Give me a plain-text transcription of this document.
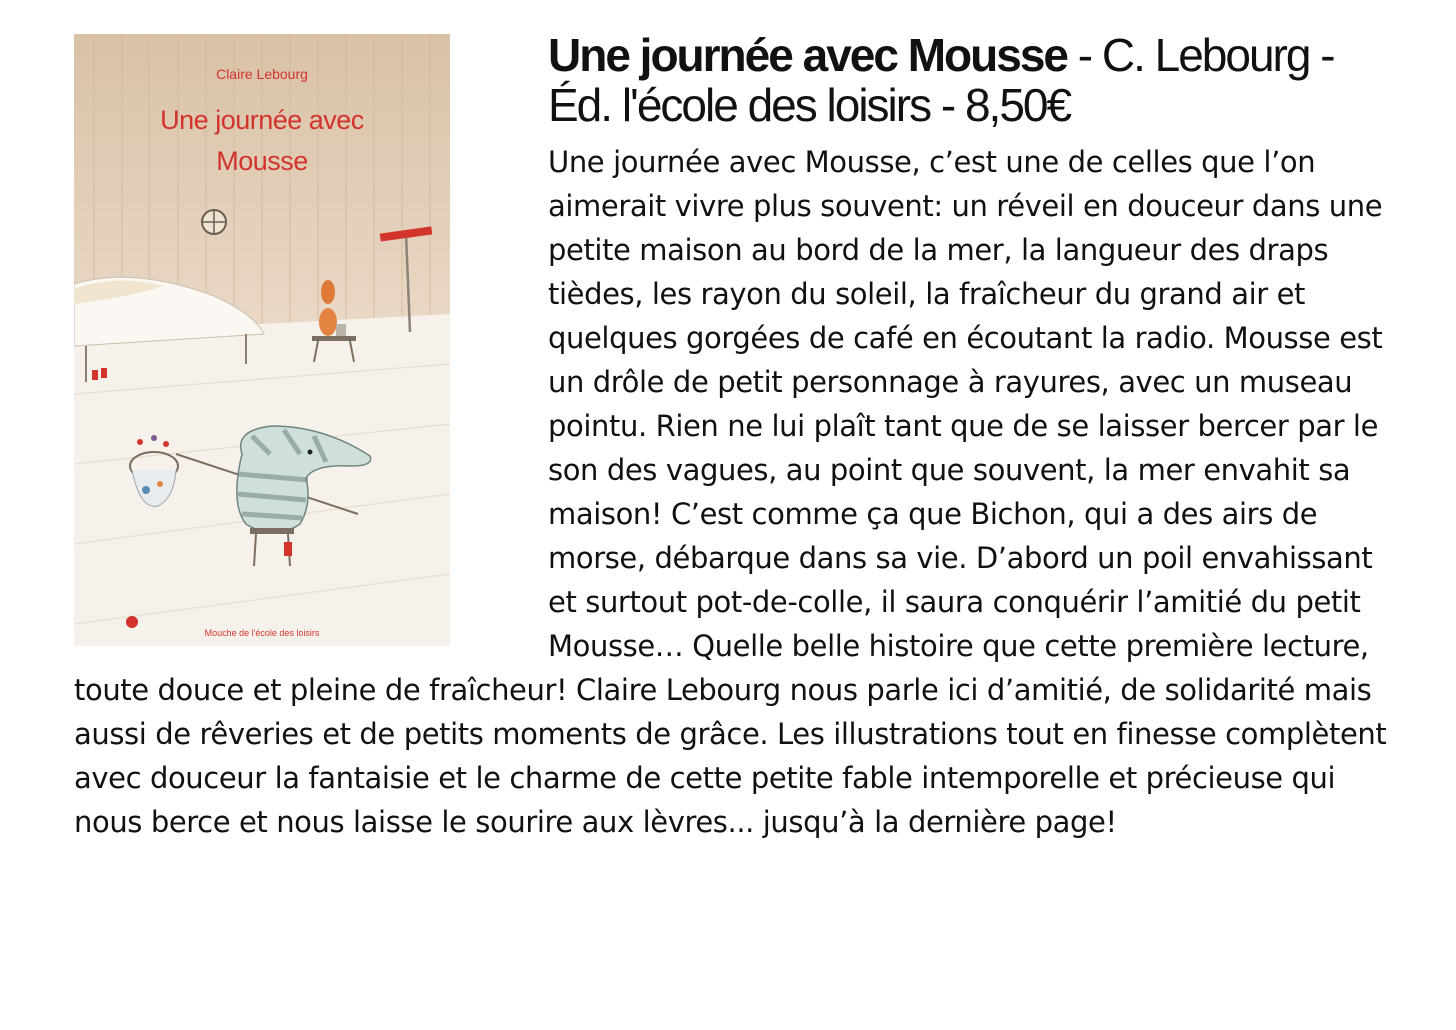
Claire Lebourg
Une journée avec Mousse
Mouche de l'école des loisirs
Une journée avec Mousse - C. Lebourg - Éd. l'école des loisirs - 8,50€

Une journée avec Mousse, c’est une de celles que l’on aimerait vivre plus souvent: un réveil en douceur dans une petite maison au bord de la mer, la langueur des draps tièdes, les rayon du soleil, la fraîcheur du grand air et quelques gorgées de café en écoutant la radio. Mousse est un drôle de petit personnage à rayures, avec un museau pointu. Rien ne lui plaît tant que de se laisser bercer par le son des vagues, au point que souvent, la mer envahit sa maison! C’est comme ça que Bichon, qui a des airs de morse, débarque dans sa vie. D’abord un poil envahissant et surtout pot-de-colle, il saura conquérir l’amitié du petit Mousse… Quelle belle histoire que cette première lecture, toute douce et pleine de fraîcheur! Claire Lebourg nous parle ici d’amitié, de solidarité mais aussi de rêveries et de petits moments de grâce. Les illustrations tout en finesse complètent avec douceur la fantaisie et le charme de cette petite fable intemporelle et précieuse qui nous berce et nous laisse le sourire aux lèvres... jusqu’à la dernière page!
